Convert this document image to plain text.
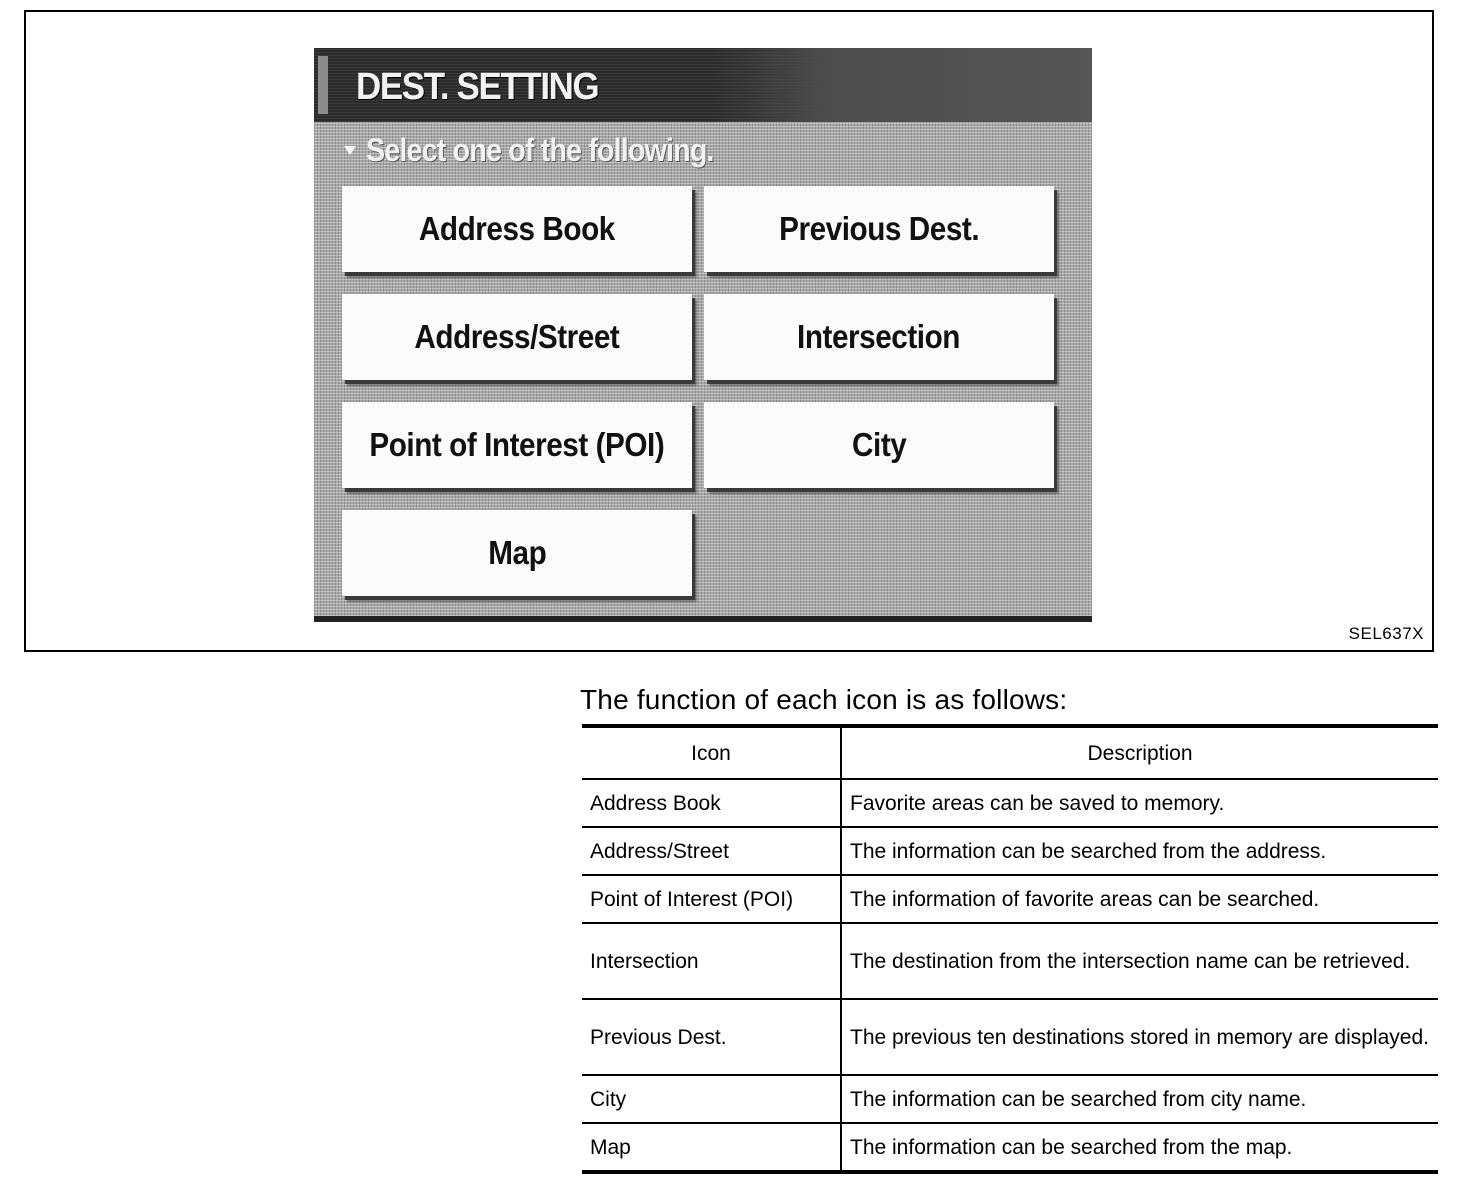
DEST. SETTING
Select one of the following.
Address Book	Previous Dest.
Address/Street	Intersection
Point of Interest (POI)	City
Map
SEL637X
The function of each icon is as follows:
Icon	Description
Address Book	Favorite areas can be saved to memory.
Address/Street	The information can be searched from the address.
Point of Interest (POI)	The information of favorite areas can be searched.
Intersection	The destination from the intersection name can be retrieved.
Previous Dest.	The previous ten destinations stored in memory are displayed.
City	The information can be searched from city name.
Map	The information can be searched from the map.
